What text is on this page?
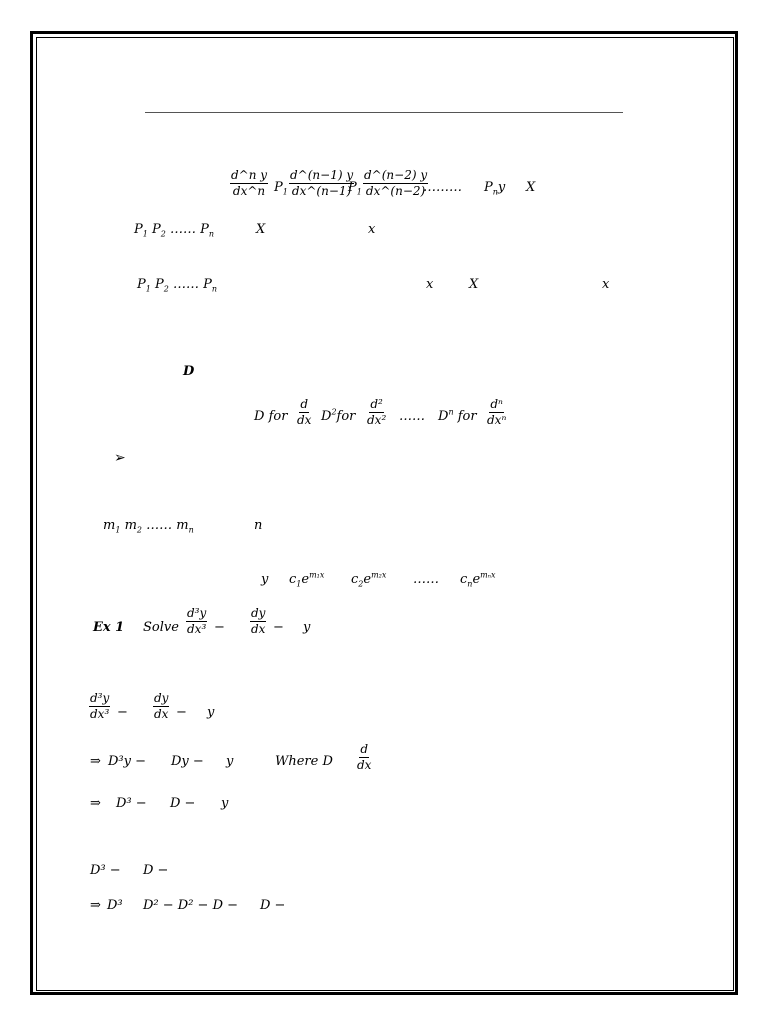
$\frac{\text{d\textasciicircum{}n y}}{dx\^{}n} P_1 \frac{d\^{}(n-1) y}{dx\^{}(n-1)}$
$P_1 \frac{d\^{}(n-2) y}{dx\^{}(n-2)}$
……… $P_ny$ X
$P_1$ $P_2$ …… $P_n$	X	x
$P_1$ $P_2$ …… $P_n$	x	X	x
D
D for $\frac{d}{dx} D^2for \frac{\text{d²}}{\text{dx²}}$ …… $D^n$ for
dⁿ
dxⁿ
➢
$m_1$ $m_2$ …… $m_n$	n
y $c_1e^{m_1x}$ $c_2e^{m_2x}$ …… $c_ne^{m_nx}$
Ex 1 Solve $\frac{\text{d³y}}{\text{dx³}} - \frac{dy}{dx} - y$
$\frac{\text{d³y}}{\text{dx³}} - \frac{dy}{dx} - y$
⇒ D³y − Dy − y	Where D $\frac{d}{dx}$
⇒ D³ − D − y
D³ − D −
⇒ D³ D² − D² − D − D −
